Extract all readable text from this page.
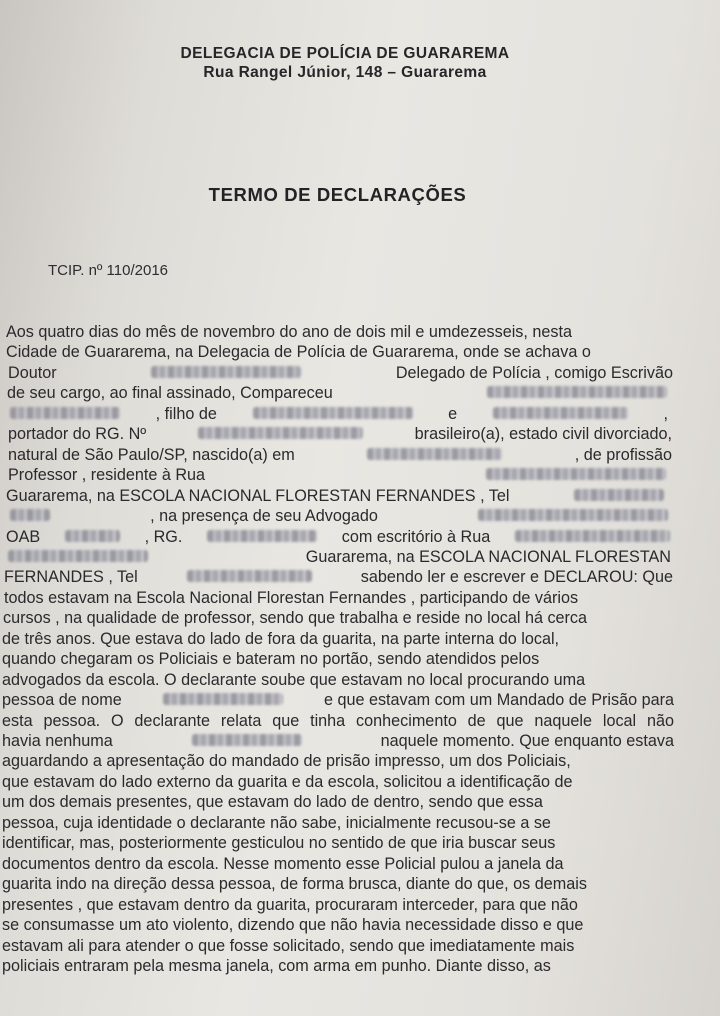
DELEGACIA DE POLÍCIA DE GUARAREMA
Rua Rangel Júnior, 148 – Guararema
TERMO DE DECLARAÇÕES
TCIP. nº 110/2016
Aos quatro dias do mês de novembro do ano de dois mil e umdezesseis, nesta
Cidade de Guararema, na Delegacia de Polícia de Guararema, onde se achava o
Doutor	Delegado de Polícia , comigo Escrivão
de seu cargo, ao final assinado, Compareceu
, filho de	e	,
portador do RG. Nº	brasileiro(a), estado civil divorciado,
natural de São Paulo/SP, nascido(a) em	, de profissão
Professor , residente à Rua
Guararema, na ESCOLA NACIONAL FLORESTAN FERNANDES , Tel
, na presença de seu Advogado
OAB	, RG.	com escritório à Rua
Guararema, na ESCOLA NACIONAL FLORESTAN
FERNANDES , Tel	sabendo ler e escrever e DECLAROU: Que
todos estavam na Escola Nacional Florestan Fernandes , participando de vários
cursos , na qualidade de professor, sendo que trabalha e reside no local há cerca
de três anos. Que estava do lado de fora da guarita, na parte interna do local,
quando chegaram os Policiais e bateram no portão, sendo atendidos pelos
advogados da escola. O declarante soube que estavam no local procurando uma
pessoa de nome	e que estavam com um Mandado de Prisão para
esta pessoa. O declarante relata que tinha conhecimento de que naquele local não
havia nenhuma	naquele momento. Que enquanto estava
aguardando a apresentação do mandado de prisão impresso, um dos Policiais,
que estavam do lado externo da guarita e da escola, solicitou a identificação de
um dos demais presentes, que estavam do lado de dentro, sendo que essa
pessoa, cuja identidade o declarante não sabe, inicialmente recusou-se a se
identificar, mas, posteriormente gesticulou no sentido de que iria buscar seus
documentos dentro da escola. Nesse momento esse Policial pulou a janela da
guarita indo na direção dessa pessoa, de forma brusca, diante do que, os demais
presentes , que estavam dentro da guarita, procuraram interceder, para que não
se consumasse um ato violento, dizendo que não havia necessidade disso e que
estavam ali para atender o que fosse solicitado, sendo que imediatamente mais
policiais entraram pela mesma janela, com arma em punho. Diante disso, as
